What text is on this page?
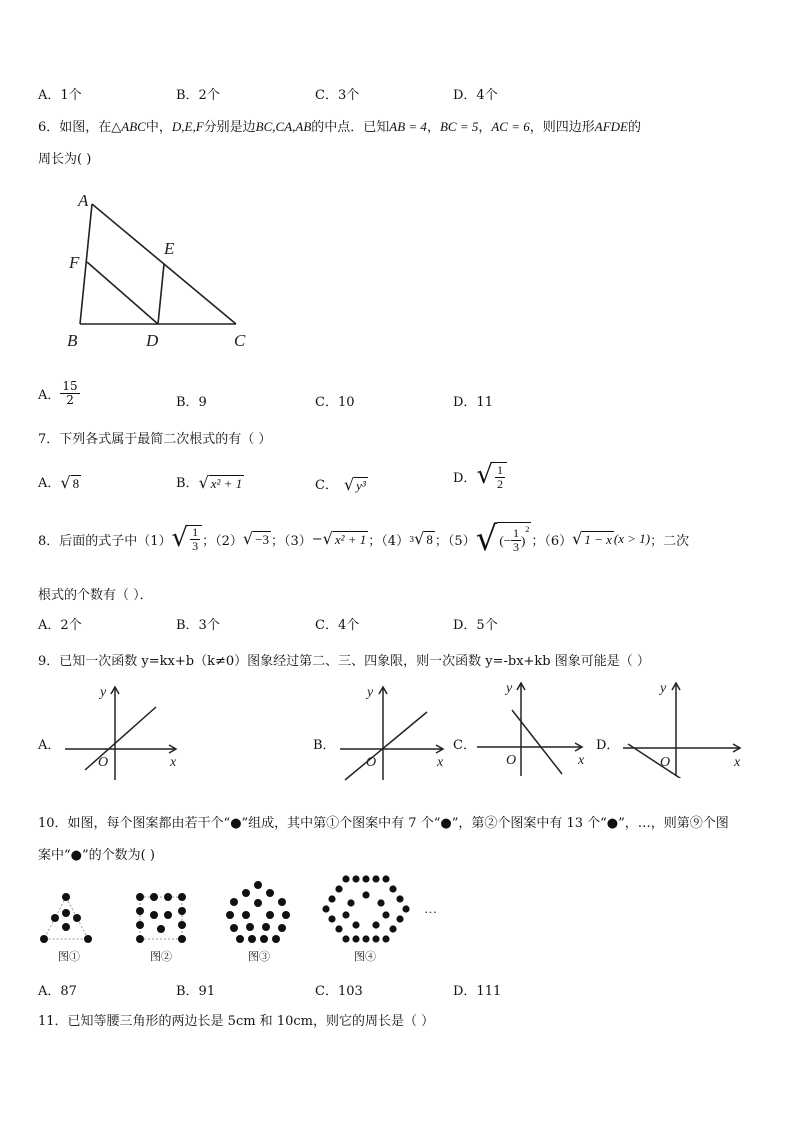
A．1个	B．2个	C．3个	D．4个
6．如图，在△ABC中，D,E,F分别是边BC,CA,AB的中点．已知AB = 4，BC = 5，AC = 6，则四边形AFDE的
周长为( )
A
F
E
B	D	C
A． $\frac{15}{2}$	B．9	C．10	D．11
7．下列各式属于最简二次根式的有（ ）
A． √ 8	B． √ x² + 1	C． √ y³	D． √ $\frac{1}{2}$
8．后面的式子中（1） √ $\frac{1}{3}$ ；（2） √ −3 ；（3） − √ x² + 1 ；（4） 3 √ 8 ；（5） √ ( − $\frac{1}{3}$ )
$^2$
；（6） √ 1 − x (x > 1) ；二次
根式的个数有（ ）．
A．2个	B．3个	C．4个	D．5个
9．已知一次函数 y=kx+b（k≠0）图象经过第二、三、四象限，则一次函数 y=-bx+kb 图象可能是（ ）
A．
y
x
O
B．
y
x
O
C．
y
x
O
D．
y
x
O
10．如图，每个图案都由若干个“●”组成，其中第①个图案中有 7 个“●”，第②个图案中有 13 个“●”，…，则第⑨个图
案中“●”的个数为( )
…
图①	图②	图③	图④
A．87	B．91	C．103	D．111
11．已知等腰三角形的两边长是 5cm 和 10cm，则它的周长是（ ）
